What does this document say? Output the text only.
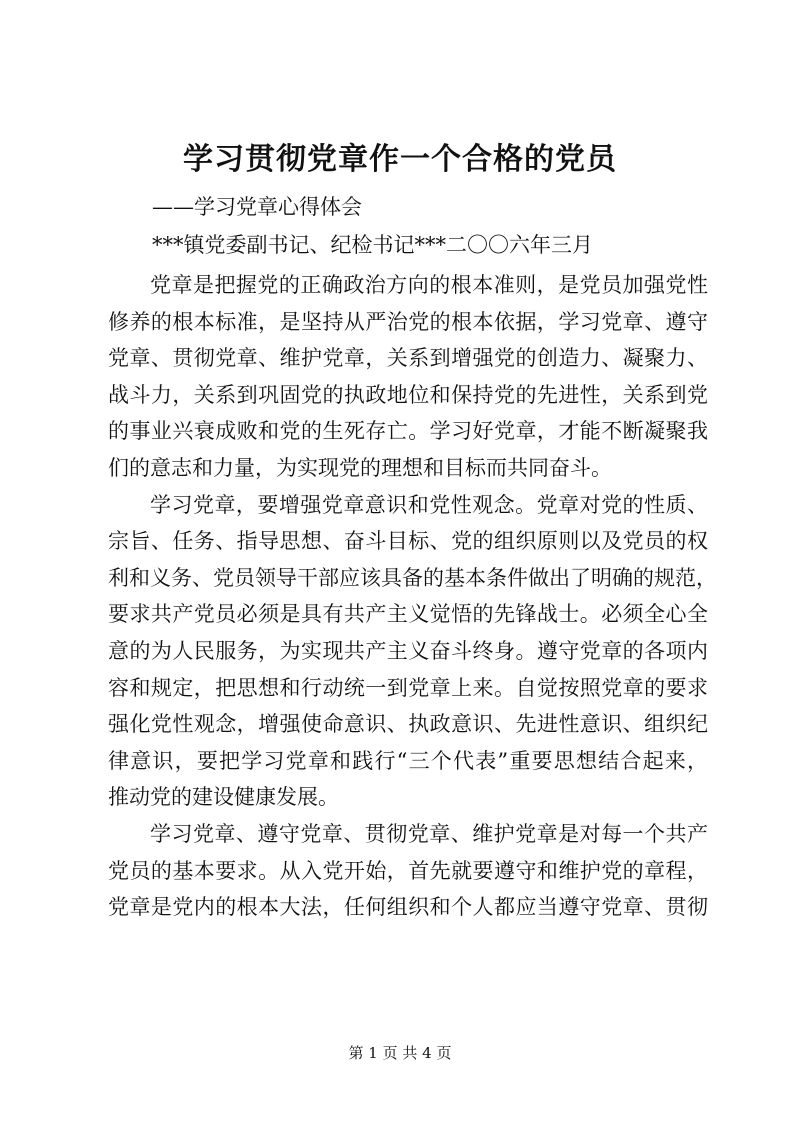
学习贯彻党章作一个合格的党员
——学习党章心得体会
***镇党委副书记、纪检书记***二〇〇六年三月
党章是把握党的正确政治方向的根本准则，是党员加强党性
修养的根本标准，是坚持从严治党的根本依据，学习党章、遵守
党章、贯彻党章、维护党章，关系到增强党的创造力、凝聚力、
战斗力，关系到巩固党的执政地位和保持党的先进性，关系到党
的事业兴衰成败和党的生死存亡。学习好党章，才能不断凝聚我
们的意志和力量，为实现党的理想和目标而共同奋斗。
学习党章，要增强党章意识和党性观念。党章对党的性质、
宗旨、任务、指导思想、奋斗目标、党的组织原则以及党员的权
利和义务、党员领导干部应该具备的基本条件做出了明确的规范，
要求共产党员必须是具有共产主义觉悟的先锋战士。必须全心全
意的为人民服务，为实现共产主义奋斗终身。遵守党章的各项内
容和规定，把思想和行动统一到党章上来。自觉按照党章的要求
强化党性观念，增强使命意识、执政意识、先进性意识、组织纪
律意识，要把学习党章和践行“三个代表”重要思想结合起来，
推动党的建设健康发展。
学习党章、遵守党章、贯彻党章、维护党章是对每一个共产
党员的基本要求。从入党开始，首先就要遵守和维护党的章程，
党章是党内的根本大法，任何组织和个人都应当遵守党章、贯彻
第 1 页 共 4 页
